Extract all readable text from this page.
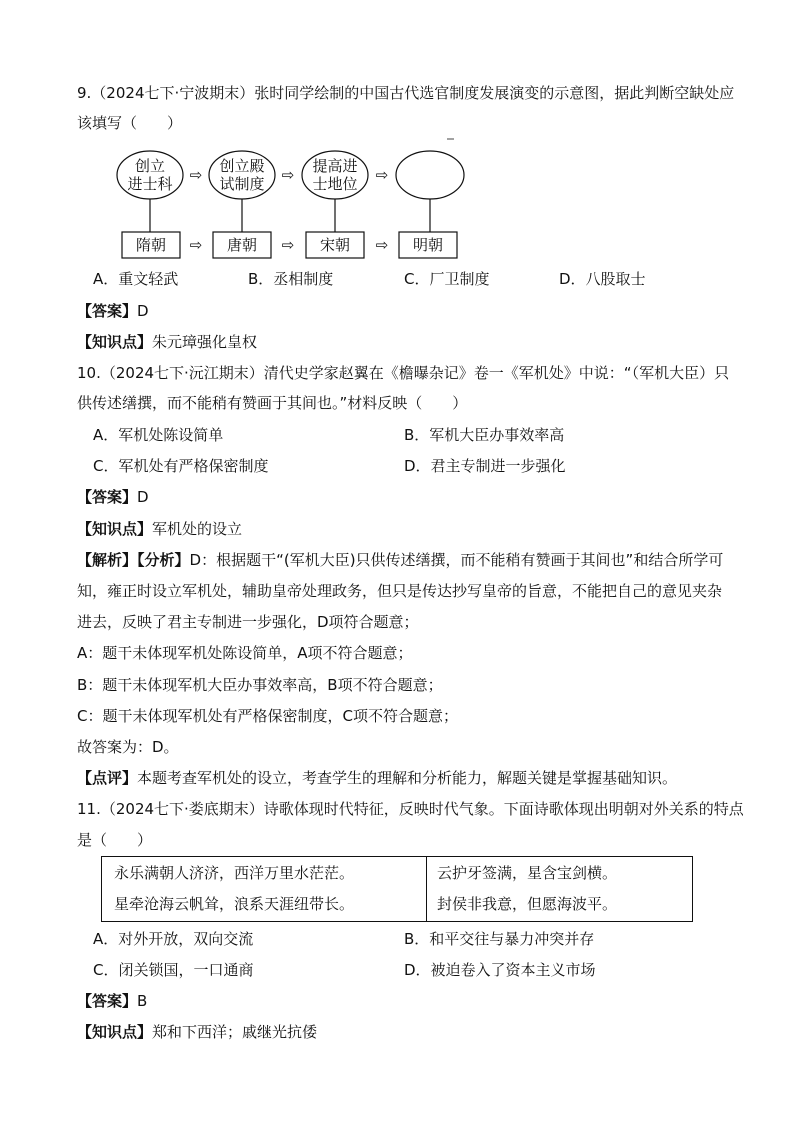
9.（2024七下·宁波期末）张时同学绘制的中国古代选官制度发展演变的示意图，据此判断空缺处应
该填写（　　）
创立
进士科
创立殿
试制度
提高进
士地位
⇨	⇨	⇨
隋朝	唐朝	宋朝	明朝
⇨	⇨	⇨
A．重文轻武	B．丞相制度	C．厂卫制度	D．八股取士
【答案】D
【知识点】朱元璋强化皇权
10.（2024七下·沅江期末）清代史学家赵翼在《檐曝杂记》卷一《军机处》中说：“（军机大臣）只
供传述缮撰，而不能稍有赞画于其间也。”材料反映（　　）
A．军机处陈设简单	B．军机大臣办事效率高
C．军机处有严格保密制度	D．君主专制进一步强化
【答案】D
【知识点】军机处的设立
【解析】【分析】D：根据题干“(军机大臣)只供传述缮撰，而不能稍有赞画于其间也”和结合所学可
知，雍正时设立军机处，辅助皇帝处理政务，但只是传达抄写皇帝的旨意，不能把自己的意见夹杂
进去，反映了君主专制进一步强化，D项符合题意；
A：题干未体现军机处陈设简单，A项不符合题意；
B：题干未体现军机大臣办事效率高，B项不符合题意；
C：题干未体现军机处有严格保密制度，C项不符合题意；
故答案为：D。
【点评】本题考查军机处的设立，考查学生的理解和分析能力，解题关键是掌握基础知识。
11.（2024七下·娄底期末）诗歌体现时代特征，反映时代气象。下面诗歌体现出明朝对外关系的特点
是（　　）
永乐满朝人济济，西洋万里水茫茫。
星牵沧海云帆耸，浪系天涯纽带长。
云护牙签满，星含宝剑横。
封侯非我意，但愿海波平。
A．对外开放，双向交流	B．和平交往与暴力冲突并存
C．闭关锁国，一口通商	D．被迫卷入了资本主义市场
【答案】B
【知识点】郑和下西洋；戚继光抗倭
